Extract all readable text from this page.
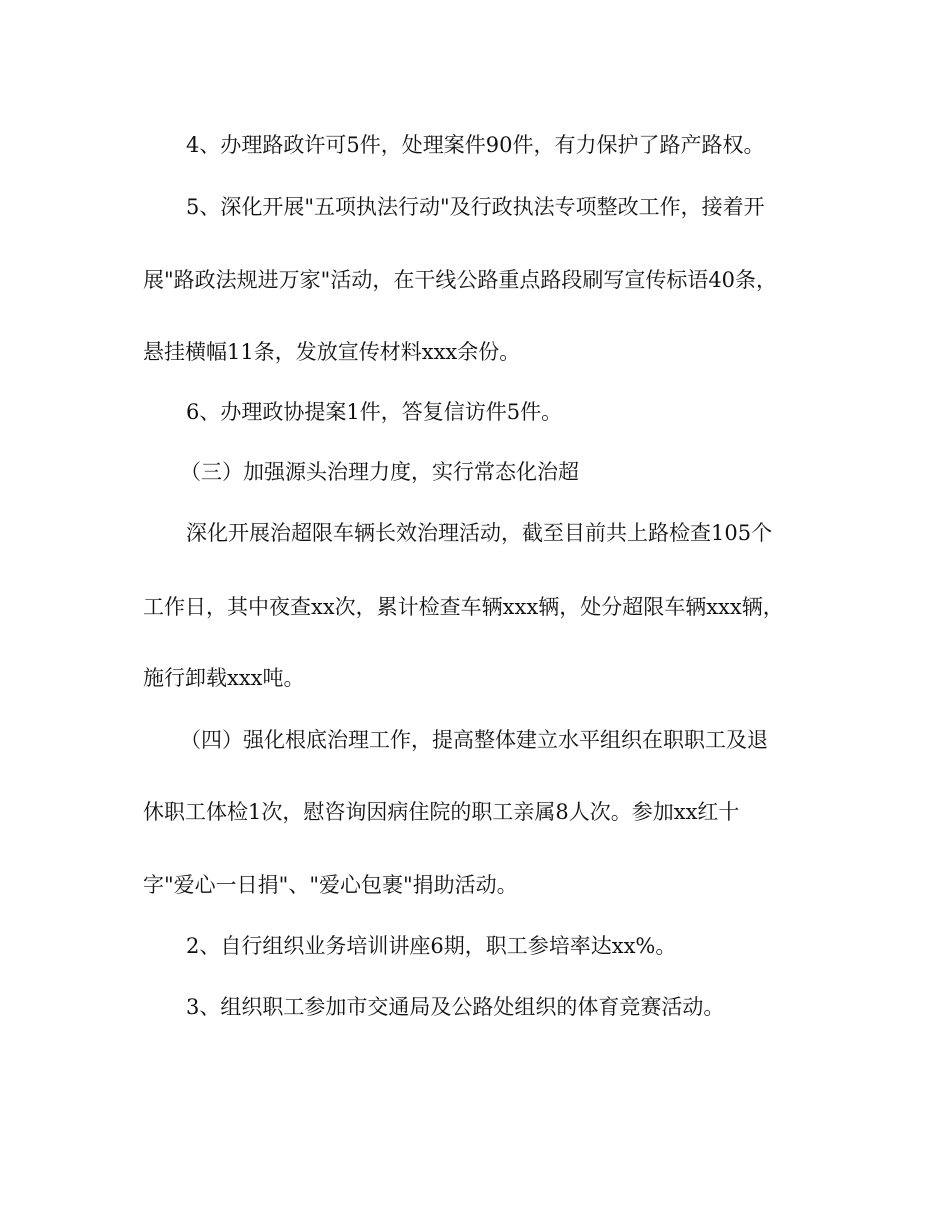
4、办理路政许可5件，处理案件90件，有力保护了路产路权。

5、深化开展"五项执法行动"及行政执法专项整改工作，接着开

展"路政法规进万家"活动，在干线公路重点路段刷写宣传标语40条，

悬挂横幅11条，发放宣传材料xxx余份。

6、办理政协提案1件，答复信访件5件。

（三）加强源头治理力度，实行常态化治超

深化开展治超限车辆长效治理活动，截至目前共上路检查105个

工作日，其中夜查xx次，累计检查车辆xxx辆，处分超限车辆xxx辆，

施行卸载xxx吨。

（四）强化根底治理工作，提高整体建立水平组织在职职工及退

休职工体检1次，慰咨询因病住院的职工亲属8人次。参加xx红十

字"爱心一日捐"、"爱心包裹"捐助活动。

2、自行组织业务培训讲座6期，职工参培率达xx%。

3、组织职工参加市交通局及公路处组织的体育竞赛活动。
